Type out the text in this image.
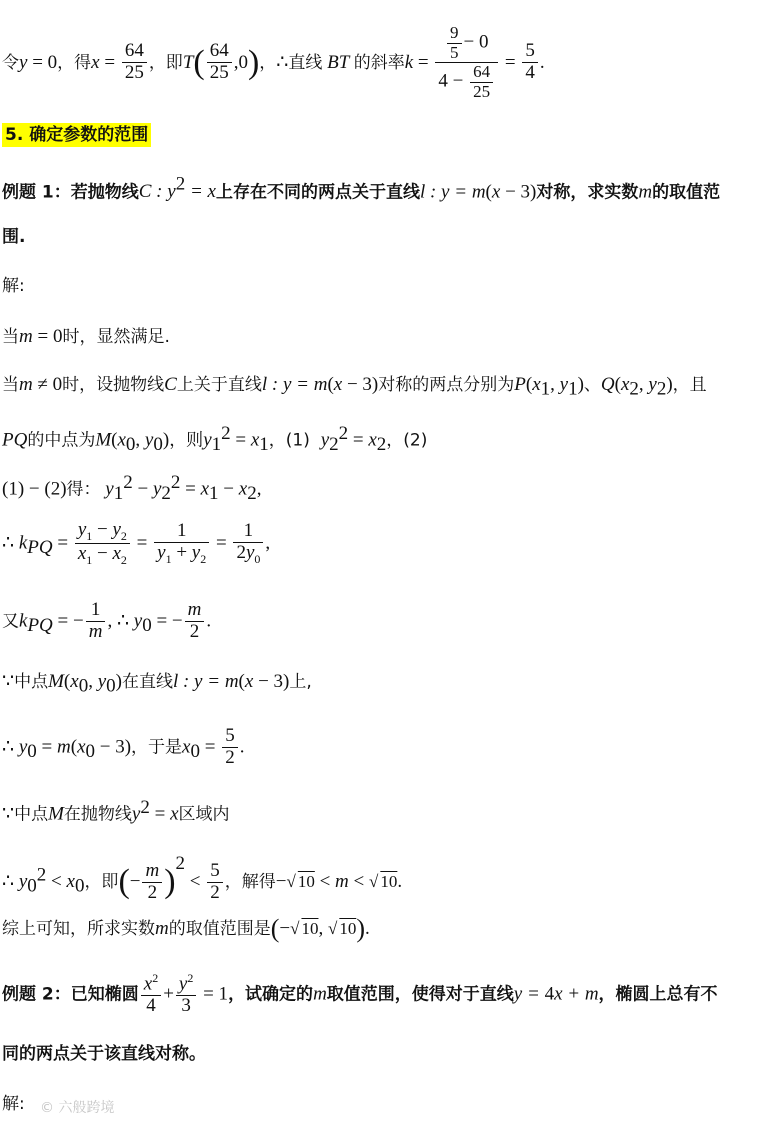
令y = 0，得$x = \frac{64}{25}$ ，即$T( \frac{64}{25} ,0)$，∴直线 BT 的斜率$k = \frac{\frac{9}{5} - 0}{4 - \frac{64}{25}} = \frac{5}{4}$ .
5. 确定参数的范围
例题 1：若抛物线C : $y^2 = x$上存在不同的两点关于直线l : y = m(x − 3)对称，求实数m的取值范
围.
解:
当m = 0时，显然满足.
当m ≠ 0时，设抛物线C上关于直线l : y = m(x − 3)对称的两点分别为$P(x_1$, $y_1$)、$Q(x_2$, $y_2$)，且
PQ的中点为$M(x_0$, $y_0$)，则$y_1^2 = x_1$，(1) $y_2^2 = x_2$，(2)
(1) − (2)得： $y_1^2 - y_2^2 = x_1 - x_2$,
∴ $k_{PQ} = \frac{y_1 - y_2}{x_1 - x_2} = \frac{1}{y_1 + y_2} = \frac{1}{2y_0}$ ,
又$k_{PQ}$ = − $\frac{1}{m}$ , ∴ $y_0$ = − $\frac{m}{2}$ .
∵中点$M(x_0$, $y_0$)在直线l : y = m(x − 3)上,
∴ $y_0 = m(x_0 - 3)$，于是$x_0 = \frac{5}{2}$ .
∵中点M在抛物线$y^2 = x$区域内
∴ $y_0^2 < x_0$，即(− $\frac{m}{2} )^2 < \frac{5}{2}$ ，解得−√ 10 < m < √ 10.
综上可知，所求实数m的取值范围是(−√ 10, √ 10).
例题 2：已知椭圆 $\frac{x^2}{4} + \frac{y^2}{3} = 1$，试确定的m取值范围，使得对于直线y = 4x + m，椭圆上总有不
同的两点关于该直线对称。
解: © 六般跨境
